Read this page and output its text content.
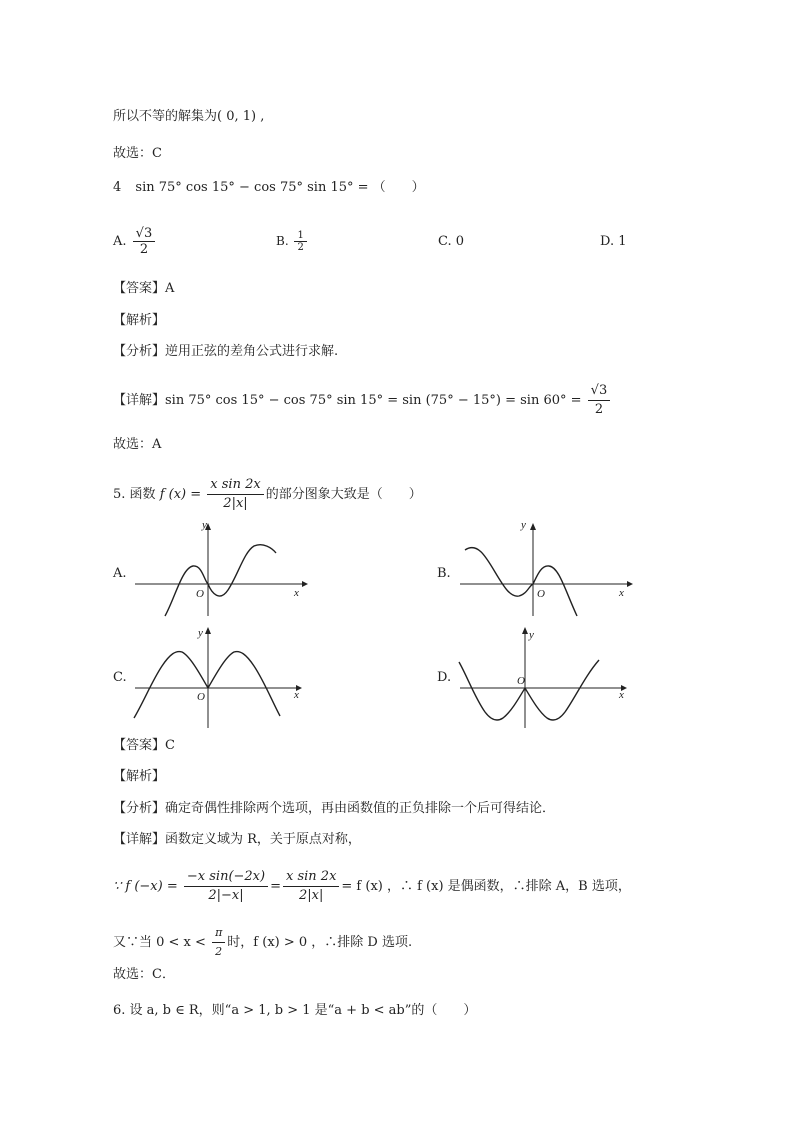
所以不等的解集为( 0, 1) ,
故选：C
4 sin 75° cos 15° − cos 75° sin 15° = （　　）
A. $\frac{√3}{2}$	B. $\frac{1}{2}$	C. 0	D. 1
【答案】A
【解析】
【分析】逆用正弦的差角公式进行求解.
【详解】sin 75° cos 15° − cos 75° $\sin 15^\circ = \sin (75^\circ - 15^\circ) = \sin 60^\circ = \frac{√3}{2}$
故选：A
5. 函数 f $(x) = \frac{\text{x sin 2x}}{2|x|}$ 的部分图象大致是（　　）
A.	B.
C.	D.
y
x
O
y
x
O
y
x
O
y
x
O
【答案】C
【解析】
【分析】确定奇偶性排除两个选项，再由函数值的正负排除一个后可得结论．
【详解】函数定义域为 R，关于原点对称，
∵ f $(-x) = \frac{\text{−x sin(−2x)}}{2|-x|} = \frac{\text{x sin 2x}}{2|x|} = f$ (x) ，∴ f (x) 是偶函数，∴排除 A，B 选项，
又∵当 $0 < x < \frac{\pi}{2}$ 时，f (x) > 0 ，∴排除 D 选项.
故选：C．
6. 设 a, b ∈ R，则“a > 1, b > 1 是“a + b < ab”的（　　）
